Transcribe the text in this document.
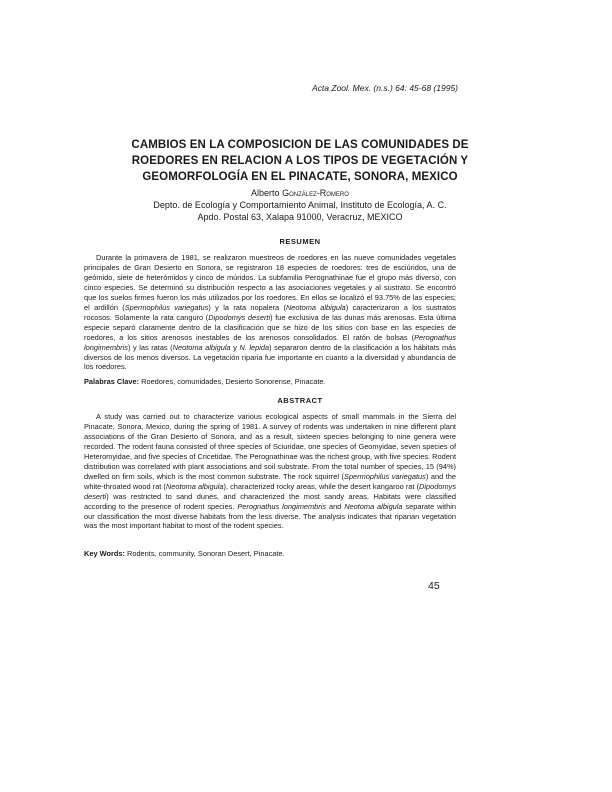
Acta Zool. Mex. (n.s.) 64: 45-68 (1995)
CAMBIOS EN LA COMPOSICION DE LAS COMUNIDADES DE
ROEDORES EN RELACION A LOS TIPOS DE VEGETACIÓN Y
GEOMORFOLOGÍA EN EL PINACATE, SONORA, MEXICO
Alberto González-Romero
Depto. de Ecología y Comportamiento Animal, Instituto de Ecología, A. C.
Apdo. Postal 63, Xalapa 91000, Veracruz, MEXICO
RESUMEN

Durante la primavera de 1981, se realizaron muestreos de roedores en las nueve comunidades vegetales principales de Gran Desierto en Sonora, se registraron 18 especies de roedores: tres de esciúridos, una de geómido, siete de heterómidos y cinco de múridos. La subfamilia Perognathinae fue el grupo más diverso, con cinco especies. Se determinó su distribución respecto a las asociaciones vegetales y al sustrato. Se encontró que los suelos firmes fueron los más utilizados por los roedores. En ellos se localizó el 93.75% de las especies; el ardillón (Spermophilus variegatus) y la rata nopalera (Neotoma albigula) caracterizaron a los sustratos rocosos. Solamente la rata canguro (Dipodomys deserti) fue exclusiva de las dunas más arenosas. Esta última especie separó claramente dentro de la clasificación que se hizo de los sitios con base en las especies de roedores, a los sitios arenosos inestables de los arenosos consolidados. El ratón de bolsas (Perognathus longimembris) y las ratas (Neotoma albigula y N. lepida) separaron dentro de la clasificación a los hábitats más diversos de los menos diversos. La vegetación riparia fue importante en cuanto a la diversidad y abundancia de los roedores.

Palabras Clave: Roedores, comunidades, Desierto Sonorense, Pinacate.

ABSTRACT

A study was carried out to characterize various ecological aspects of small mammals in the Sierra del Pinacate, Sonora, Mexico, during the spring of 1981. A survey of rodents was undertaken in nine different plant associations of the Gran Desierto of Sonora, and as a result, sixteen species belonging to nine genera were recorded. The rodent fauna consisted of three species of Sciuridae, one species of Geomyidae, seven species of Heteromyidae, and five species of Cricetidae. The Perognathinae was the richest group, with five species. Rodent distribution was correlated with plant associations and soil substrate. From the total number of species, 15 (94%) dwelled on firm soils, which is the most common substrate. The rock squirrel (Spermophilus variegatus) and the white-throated wood rat (Neotoma albigula), characterized rocky areas, while the desert kangaroo rat (Dipodomys deserti) was restricted to sand dunes, and characterized the most sandy areas. Habitats were classified according to the presence of rodent species. Perognathus longimembris and Neotoma albigula separate within our classification the most diverse habitats from the less diverse. The analysis indicates that riparian vegetation was the most important habitat to most of the rodent species.

Key Words: Rodents, community, Sonoran Desert, Pinacate.

45
